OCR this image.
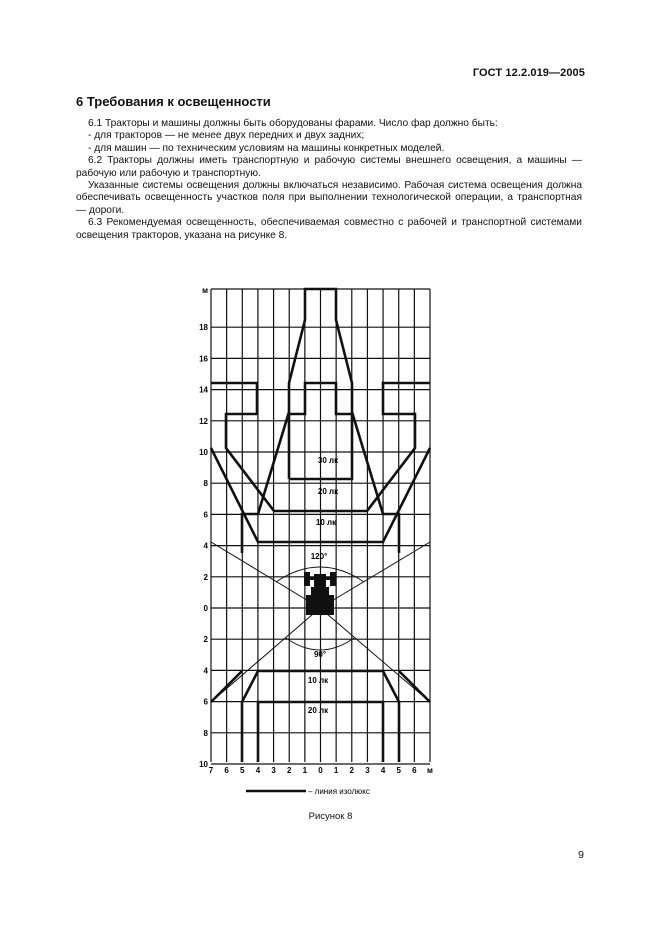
ГОСТ 12.2.019—2005
6 Требования к освещенности

6.1 Тракторы и машины должны быть оборудованы фарами. Число фар должно быть:

- для тракторов — не менее двух передних и двух задних;

- для машин — по техническим условиям на машины конкретных моделей.

6.2 Тракторы должны иметь транспортную и рабочую системы внешнего освещения, а машины — рабочую или рабочую и транспортную.

Указанные системы освещения должны включаться независимо. Рабочая система освещения должна обеспечивать освещенность участков поля при выполнении технологической операции, а транспортная — дороги.

6.3 Рекомендуемая освещенность, обеспечиваемая совместно с рабочей и транспортной системами освещения тракторов, указана на рисунке 8.

18
16
14
12
10
8
6
4
2
0
2
4
6
8
10
м
7 6 5 4 3 2 1 0 1 2 3 4 5 6 м
30 лк
20 лк
10 лк
120°
90°
10 лк
20 лк
– линия изолюкс
Рисунок 8
9
